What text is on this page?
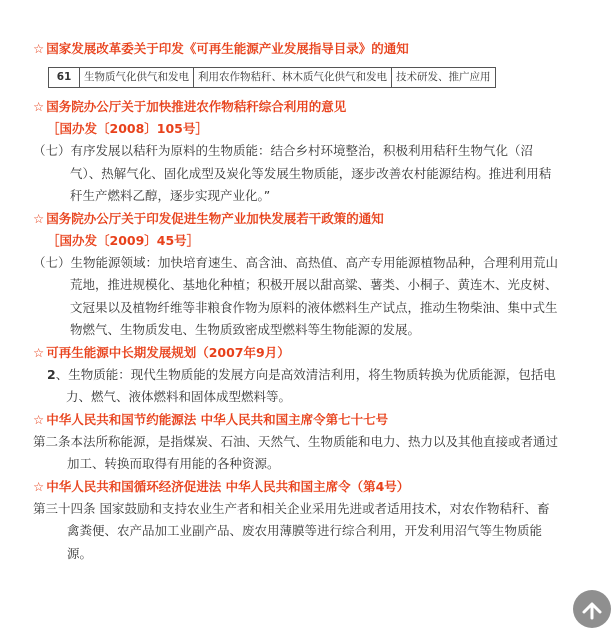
☆ 国家发展改革委关于印发《可再生能源产业发展指导目录》的通知
61	生物质气化供气和发电	利用农作物秸秆、林木质气化供气和发电	技术研发、推广应用
☆ 国务院办公厅关于加快推进农作物秸秆综合利用的意见
［国办发〔2008〕105号］
（七）有序发展以秸秆为原料的生物质能：结合乡村环境整治，积极利用秸秆生物气化（沼气）、热解气化、固化成型及炭化等发展生物质能，逐步改善农村能源结构。推进利用秸秆生产燃料乙醇，逐步实现产业化。”
☆ 国务院办公厅关于印发促进生物产业加快发展若干政策的通知
［国办发〔2009〕45号］
（七）生物能源领域：加快培育速生、高含油、高热值、高产专用能源植物品种，合理利用荒山荒地，推进规模化、基地化种植；积极开展以甜高粱、薯类、小桐子、黄连木、光皮树、文冠果以及植物纤维等非粮食作物为原料的液体燃料生产试点，推动生物柴油、集中式生物燃气、生物质发电、生物质致密成型燃料等生物能源的发展。
☆ 可再生能源中长期发展规划（2007年9月）
2、生物质能：现代生物质能的发展方向是高效清洁利用，将生物质转换为优质能源，包括电力、燃气、液体燃料和固体成型燃料等。
☆ 中华人民共和国节约能源法 中华人民共和国主席令第七十七号
第二条本法所称能源，是指煤炭、石油、天然气、生物质能和电力、热力以及其他直接或者通过加工、转换而取得有用能的各种资源。
☆ 中华人民共和国循环经济促进法 中华人民共和国主席令（第4号）
第三十四条 国家鼓励和支持农业生产者和相关企业采用先进或者适用技术，对农作物秸秆、畜禽粪便、农产品加工业副产品、废农用薄膜等进行综合利用，开发利用沼气等生物质能源。
